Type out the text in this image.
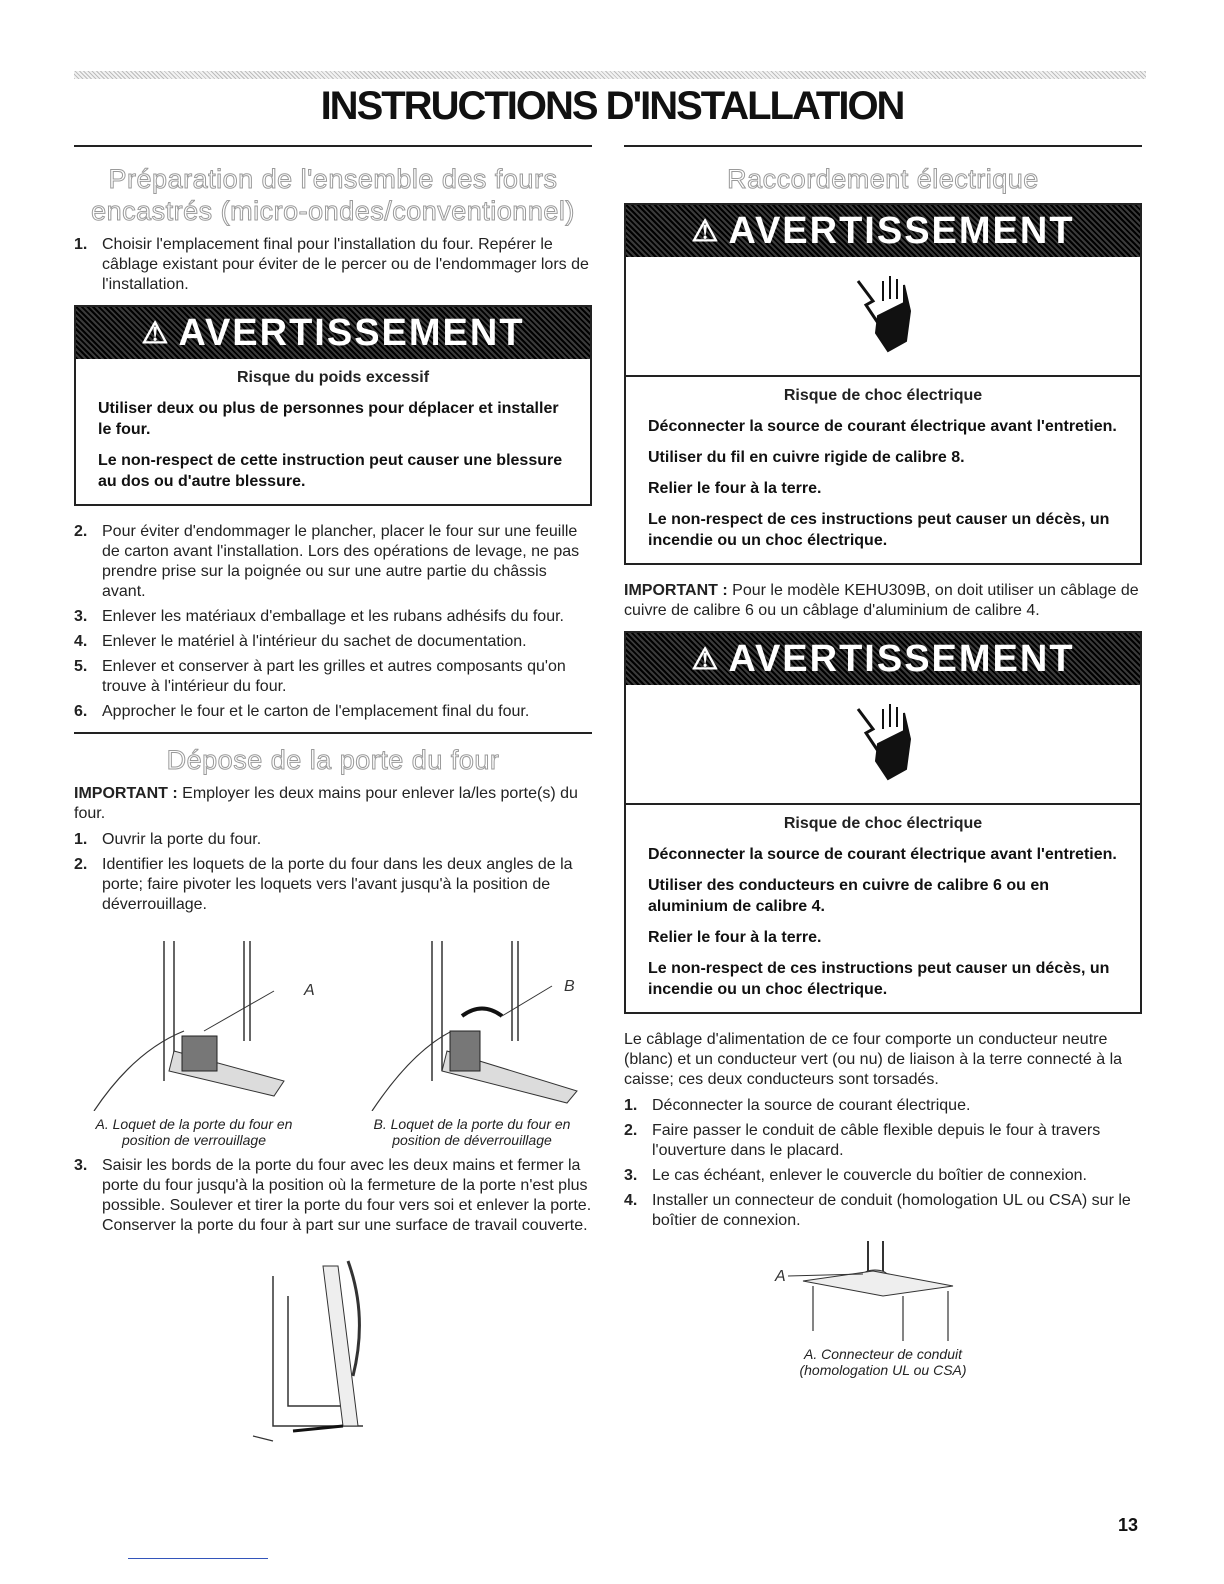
INSTRUCTIONS D'INSTALLATION
Préparation de l'ensemble des fours
encastrés (micro-ondes/conventionnel)
1. Choisir l'emplacement final pour l'installation du four. Repérer le câblage existant pour éviter de le percer ou de l'endommager lors de l'installation.
⚠ AVERTISSEMENT
Risque du poids excessif
Utiliser deux ou plus de personnes pour déplacer et installer le four.
Le non-respect de cette instruction peut causer une blessure au dos ou d'autre blessure.
2. Pour éviter d'endommager le plancher, placer le four sur une feuille de carton avant l'installation. Lors des opérations de levage, ne pas prendre prise sur la poignée ou sur une autre partie du châssis avant.
3. Enlever les matériaux d'emballage et les rubans adhésifs du four.
4. Enlever le matériel à l'intérieur du sachet de documentation.
5. Enlever et conserver à part les grilles et autres composants qu'on trouve à l'intérieur du four.
6. Approcher le four et le carton de l'emplacement final du four.
Dépose de la porte du four

IMPORTANT : Employer les deux mains pour enlever la/les porte(s) du four.

1. Ouvrir la porte du four.
2. Identifier les loquets de la porte du four dans les deux angles de la porte; faire pivoter les loquets vers l'avant jusqu'à la position de déverrouillage.
A
A. Loquet de la porte du four en
position de verrouillage
B
B. Loquet de la porte du four en
position de déverrouillage
3. Saisir les bords de la porte du four avec les deux mains et fermer la porte du four jusqu'à la position où la fermeture de la porte n'est plus possible. Soulever et tirer la porte du four vers soi et enlever la porte. Conserver la porte du four à part sur une surface de travail couverte.
Raccordement électrique
⚠ AVERTISSEMENT
Risque de choc électrique
Déconnecter la source de courant électrique avant l'entretien.
Utiliser du fil en cuivre rigide de calibre 8.
Relier le four à la terre.
Le non-respect de ces instructions peut causer un décès, un incendie ou un choc électrique.

IMPORTANT : Pour le modèle KEHU309B, on doit utiliser un câblage de cuivre de calibre 6 ou un câblage d'aluminium de calibre 4.

⚠ AVERTISSEMENT
Risque de choc électrique
Déconnecter la source de courant électrique avant l'entretien.
Utiliser des conducteurs en cuivre de calibre 6 ou en aluminium de calibre 4.
Relier le four à la terre.
Le non-respect de ces instructions peut causer un décès, un incendie ou un choc électrique.

Le câblage d'alimentation de ce four comporte un conducteur neutre (blanc) et un conducteur vert (ou nu) de liaison à la terre connecté à la caisse; ces deux conducteurs sont torsadés.

1. Déconnecter la source de courant électrique.
2. Faire passer le conduit de câble flexible depuis le four à travers l'ouverture dans le placard.
3. Le cas échéant, enlever le couvercle du boîtier de connexion.
4. Installer un connecteur de conduit (homologation UL ou CSA) sur le boîtier de connexion.
A
A. Connecteur de conduit
(homologation UL ou CSA)
13
